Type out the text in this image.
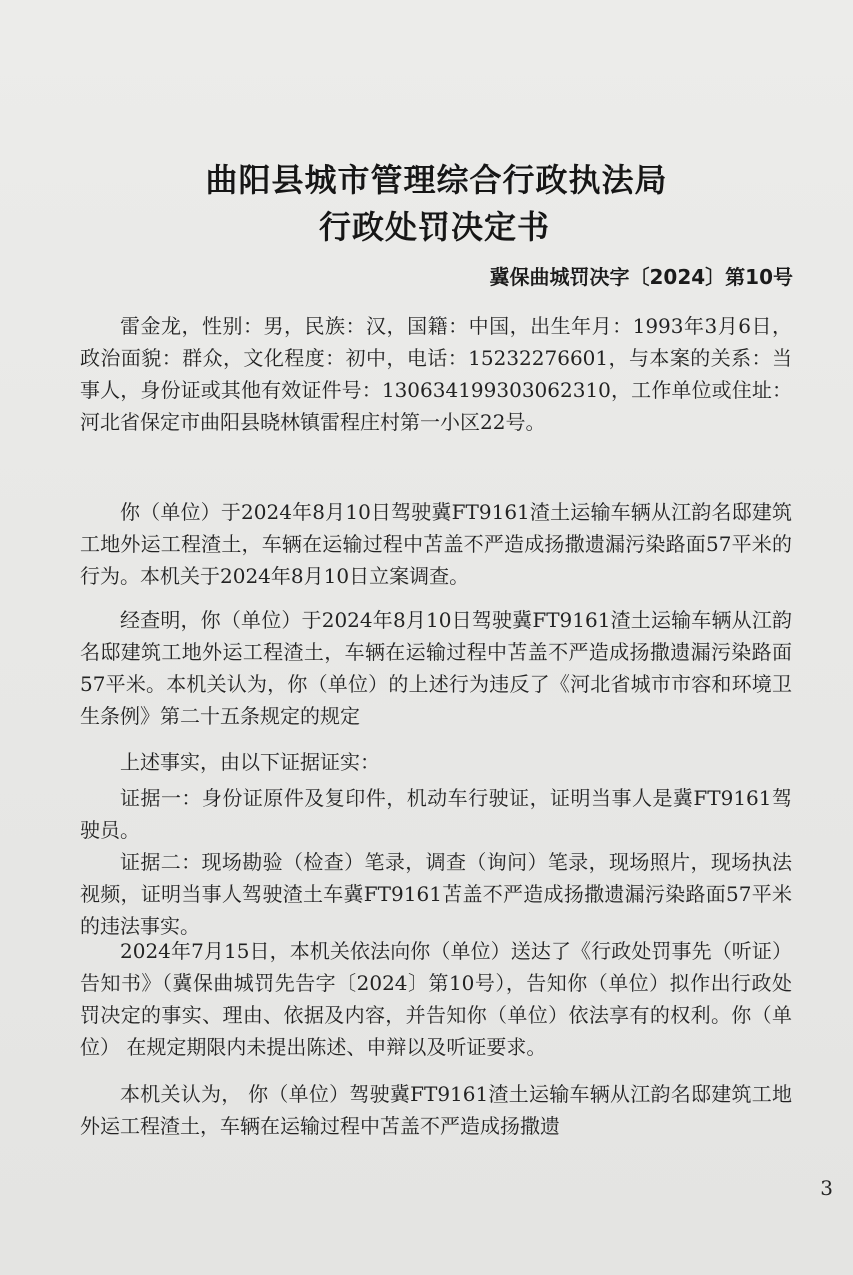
曲阳县城市管理综合行政执法局
行政处罚决定书
冀保曲城罚决字〔2024〕第10号

雷金龙，性别：男，民族：汉，国籍：中国，出生年月：1993年3月6日，政治面貌：群众，文化程度：初中，电话：15232276601，与本案的关系：当事人，身份证或其他有效证件号：130634199303062310，工作单位或住址：河北省保定市曲阳县晓林镇雷程庄村第一小区22号。

你（单位）于2024年8月10日驾驶冀FT9161渣土运输车辆从江韵名邸建筑工地外运工程渣土，车辆在运输过程中苫盖不严造成扬撒遗漏污染路面57平米的行为。本机关于2024年8月10日立案调查。

经查明，你（单位）于2024年8月10日驾驶冀FT9161渣土运输车辆从江韵名邸建筑工地外运工程渣土，车辆在运输过程中苫盖不严造成扬撒遗漏污染路面57平米。本机关认为，你（单位）的上述行为违反了《河北省城市市容和环境卫生条例》第二十五条规定的规定

上述事实，由以下证据证实：

证据一：身份证原件及复印件，机动车行驶证，证明当事人是冀FT9161驾驶员。

证据二：现场勘验（检查）笔录，调查（询问）笔录，现场照片，现场执法视频，证明当事人驾驶渣土车冀FT9161苫盖不严造成扬撒遗漏污染路面57平米的违法事实。

2024年7月15日，本机关依法向你（单位）送达了《行政处罚事先（听证）告知书》（冀保曲城罚先告字〔2024〕第10号），告知你（单位）拟作出行政处罚决定的事实、理由、依据及内容，并告知你（单位）依法享有的权利。你（单位） 在规定期限内未提出陈述、申辩以及听证要求。

本机关认为， 你（单位）驾驶冀FT9161渣土运输车辆从江韵名邸建筑工地外运工程渣土，车辆在运输过程中苫盖不严造成扬撒遗

3
